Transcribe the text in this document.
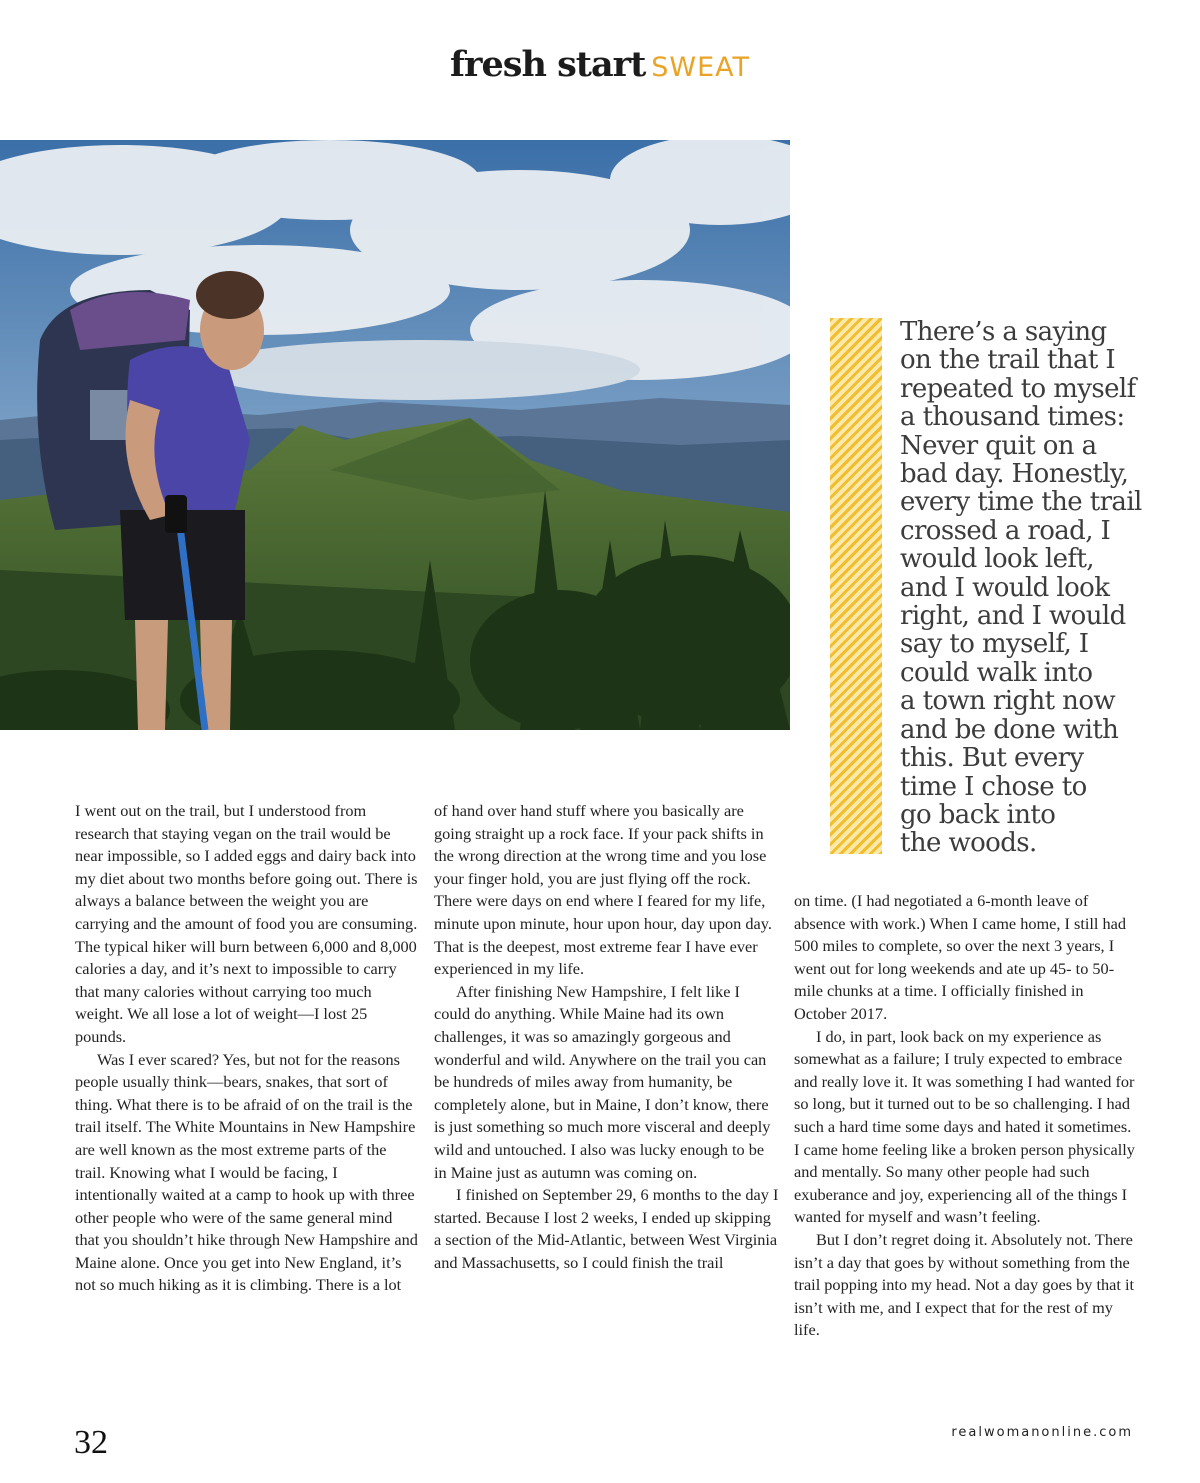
fresh start SWEAT
There’s a saying
on the trail that I
repeated to myself
a thousand times:
Never quit on a
bad day. Honestly,
every time the trail
crossed a road, I
would look left,
and I would look
right, and I would
say to myself, I
could walk into
a town right now
and be done with
this. But every
time I chose to
go back into
the woods.

I went out on the trail, but I understood from research that staying vegan on the trail would be near impossible, so I added eggs and dairy back into my diet about two months before going out. There is always a balance between the weight you are carrying and the amount of food you are consuming. The typical hiker will burn between 6,000 and 8,000 calories a day, and it’s next to impossible to carry that many calories without carrying too much weight. We all lose a lot of weight—I lost 25 pounds.

Was I ever scared? Yes, but not for the reasons people usually think—bears, snakes, that sort of thing. What there is to be afraid of on the trail is the trail itself. The White Mountains in New Hampshire are well known as the most extreme parts of the trail. Knowing what I would be facing, I intentionally waited at a camp to hook up with three other people who were of the same general mind that you shouldn’t hike through New Hampshire and Maine alone. Once you get into New England, it’s not so much hiking as it is climbing. There is a lot

of hand over hand stuff where you basically are going straight up a rock face. If your pack shifts in the wrong direction at the wrong time and you lose your finger hold, you are just flying off the rock. There were days on end where I feared for my life, minute upon minute, hour upon hour, day upon day. That is the deepest, most extreme fear I have ever experienced in my life.

After finishing New Hampshire, I felt like I could do anything. While Maine had its own challenges, it was so amazingly gorgeous and wonderful and wild. Anywhere on the trail you can be hundreds of miles away from humanity, be completely alone, but in Maine, I don’t know, there is just something so much more visceral and deeply wild and untouched. I also was lucky enough to be in Maine just as autumn was coming on.

I finished on September 29, 6 months to the day I started. Because I lost 2 weeks, I ended up skipping a section of the Mid-Atlantic, between West Virginia and Massachusetts, so I could finish the trail

on time. (I had negotiated a 6-month leave of absence with work.) When I came home, I still had 500 miles to complete, so over the next 3 years, I went out for long weekends and ate up 45- to 50-mile chunks at a time. I officially finished in October 2017.

I do, in part, look back on my experience as somewhat as a failure; I truly expected to embrace and really love it. It was something I had wanted for so long, but it turned out to be so challenging. I had such a hard time some days and hated it sometimes. I came home feeling like a broken person physically and mentally. So many other people had such exuberance and joy, experiencing all of the things I wanted for myself and wasn’t feeling.

But I don’t regret doing it. Absolutely not. There isn’t a day that goes by without something from the trail popping into my head. Not a day goes by that it isn’t with me, and I expect that for the rest of my life.

32	realwomanonline.com
